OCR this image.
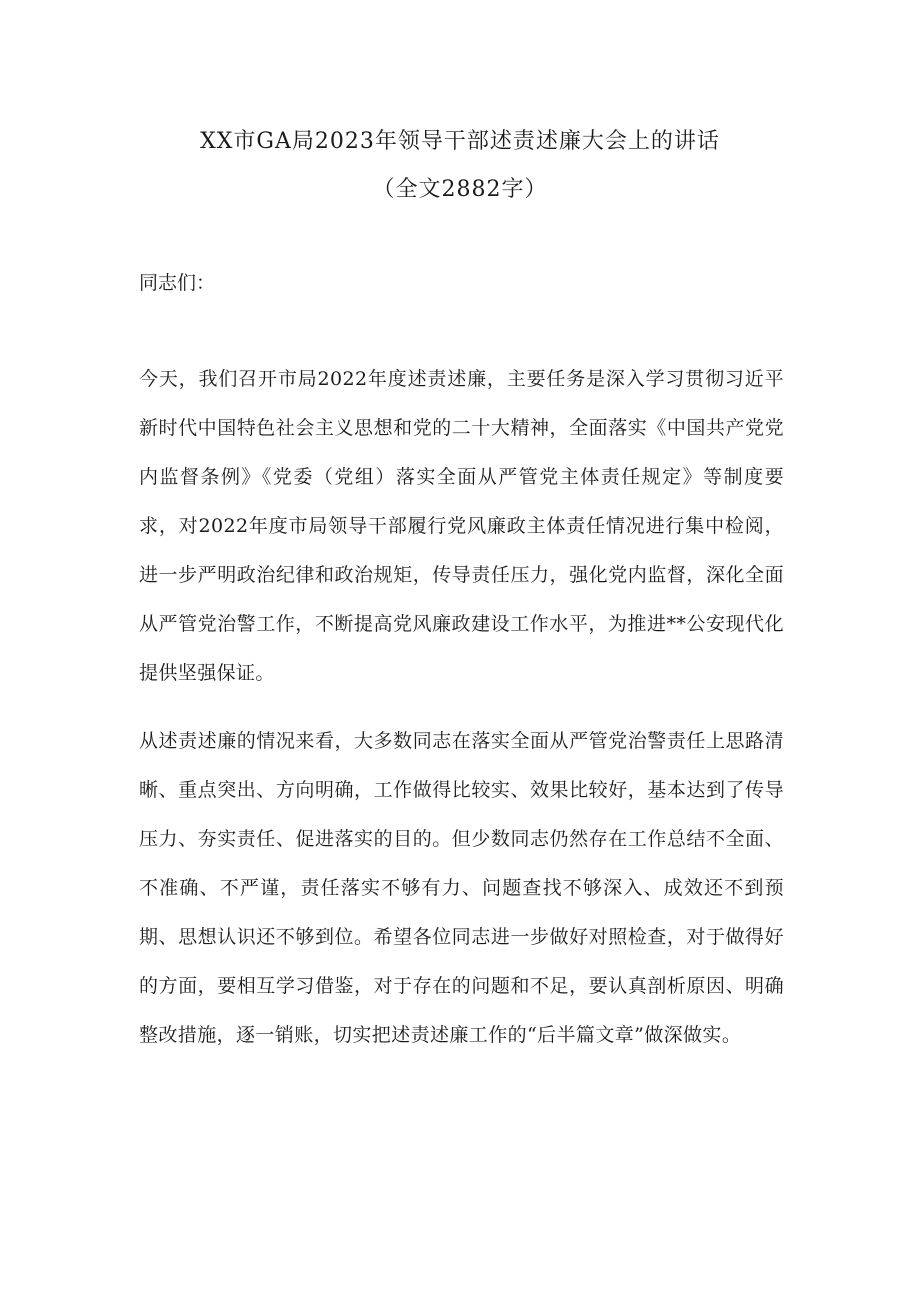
XX市GA局2023年领导干部述责述廉大会上的讲话
（全文2882字）
同志们：
今天，我们召开市局2022年度述责述廉，主要任务是深入学习贯彻习近平新时代中国特色社会主义思想和党的二十大精神，全面落实《中国共产党党内监督条例》《党委（党组）落实全面从严管党主体责任规定》等制度要求，对2022年度市局领导干部履行党风廉政主体责任情况进行集中检阅，进一步严明政治纪律和政治规矩，传导责任压力，强化党内监督，深化全面从严管党治警工作，不断提高党风廉政建设工作水平，为推进**公安现代化提供坚强保证。
从述责述廉的情况来看，大多数同志在落实全面从严管党治警责任上思路清晰、重点突出、方向明确，工作做得比较实、效果比较好，基本达到了传导压力、夯实责任、促进落实的目的。但少数同志仍然存在工作总结不全面、不准确、不严谨，责任落实不够有力、问题查找不够深入、成效还不到预期、思想认识还不够到位。希望各位同志进一步做好对照检查，对于做得好的方面，要相互学习借鉴，对于存在的问题和不足，要认真剖析原因、明确整改措施，逐一销账，切实把述责述廉工作的“后半篇文章”做深做实。
